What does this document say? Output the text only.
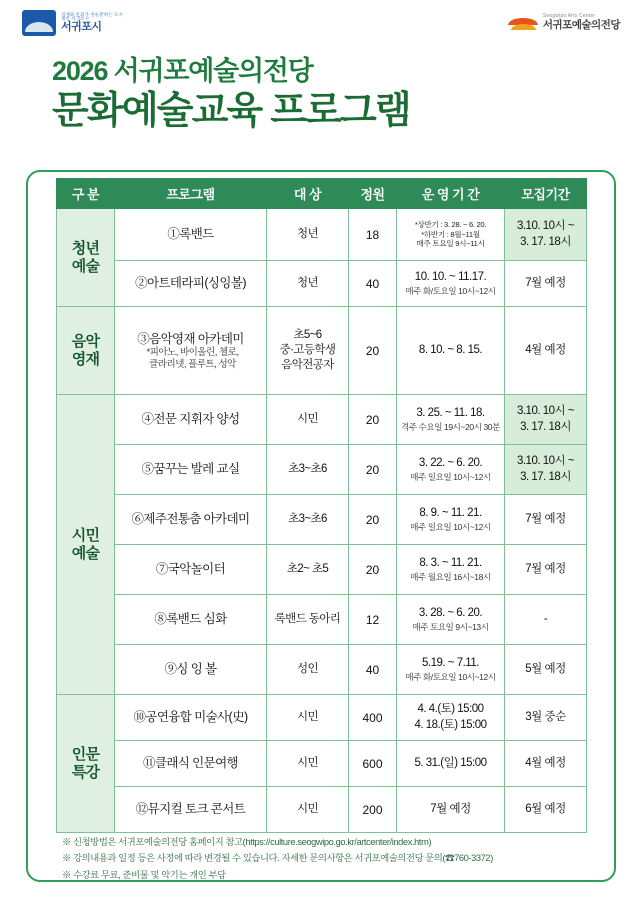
경제와 문화가 선순환하는 도시
제주 서귀포시
서귀포시
Seogwipo Arts Center
서귀포예술의전당
2026 서귀포예술의전당
문화예술교육 프로그램
구 분	프로그램	대 상	정원	운 영 기 간	모집기간
청년
예술	①록밴드	청년	18	*상반기 : 3. 28. ~ 6. 20.
*하반기 : 8월~11월
매주 토요일 9시~11시	3.10. 10시 ~
3. 17. 18시
	②아트테라피(싱잉볼)	청년	40	10. 10. ~ 11.17.
매주 화/토요일 10시~12시	7월 예정
음악
영재	③음악영재 아카데미
*피아노, 바이올린, 첼로,
클라리넷, 플루트, 성악	초5~6
중·고등학생
음악전공자	20	8. 10. ~ 8. 15.	4월 예정
시민
예술	④전문 지휘자 양성	시민	20	3. 25. ~ 11. 18.
격주 수요일 19시~20시 30분	3.10. 10시 ~
3. 17. 18시
	⑤꿈꾸는 발레 교실	초3~초6	20	3. 22. ~ 6. 20.
매주 일요일 10시~12시	3.10. 10시 ~
3. 17. 18시
	⑥제주전통춤 아카데미	초3~초6	20	8. 9. ~ 11. 21.
매주 일요일 10시~12시	7월 예정
	⑦국악놀이터	초2~ 초5	20	8. 3. ~ 11. 21.
매주 월요일 16시~18시	7월 예정
	⑧록밴드 심화	록밴드 동아리	12	3. 28. ~ 6. 20.
매주 토요일 9시~13시	-
	⑨싱 잉 볼	성인	40	5.19. ~ 7.11.
매주 화/토요일 10시~12시	5월 예정
인문
특강	⑩공연융합 미술사(史)	시민	400	4. 4.(토) 15:00
4. 18.(토) 15:00	3월 중순
	⑪클래식 인문여행	시민	600	5. 31.(일) 15:00	4월 예정
	⑫뮤지컬 토크 콘서트	시민	200	7월 예정	6월 예정
※ 신청방법은 서귀포예술의전당 홈페이지 참고(https://culture.seogwipo.go.kr/artcenter/index.htm)
※ 강의내용과 일정 등은 사정에 따라 변경될 수 있습니다. 자세한 문의사항은 서귀포예술의전당 문의(☎760-3372)
※ 수강료 무료, 준비물 및 악기는 개인 부담
